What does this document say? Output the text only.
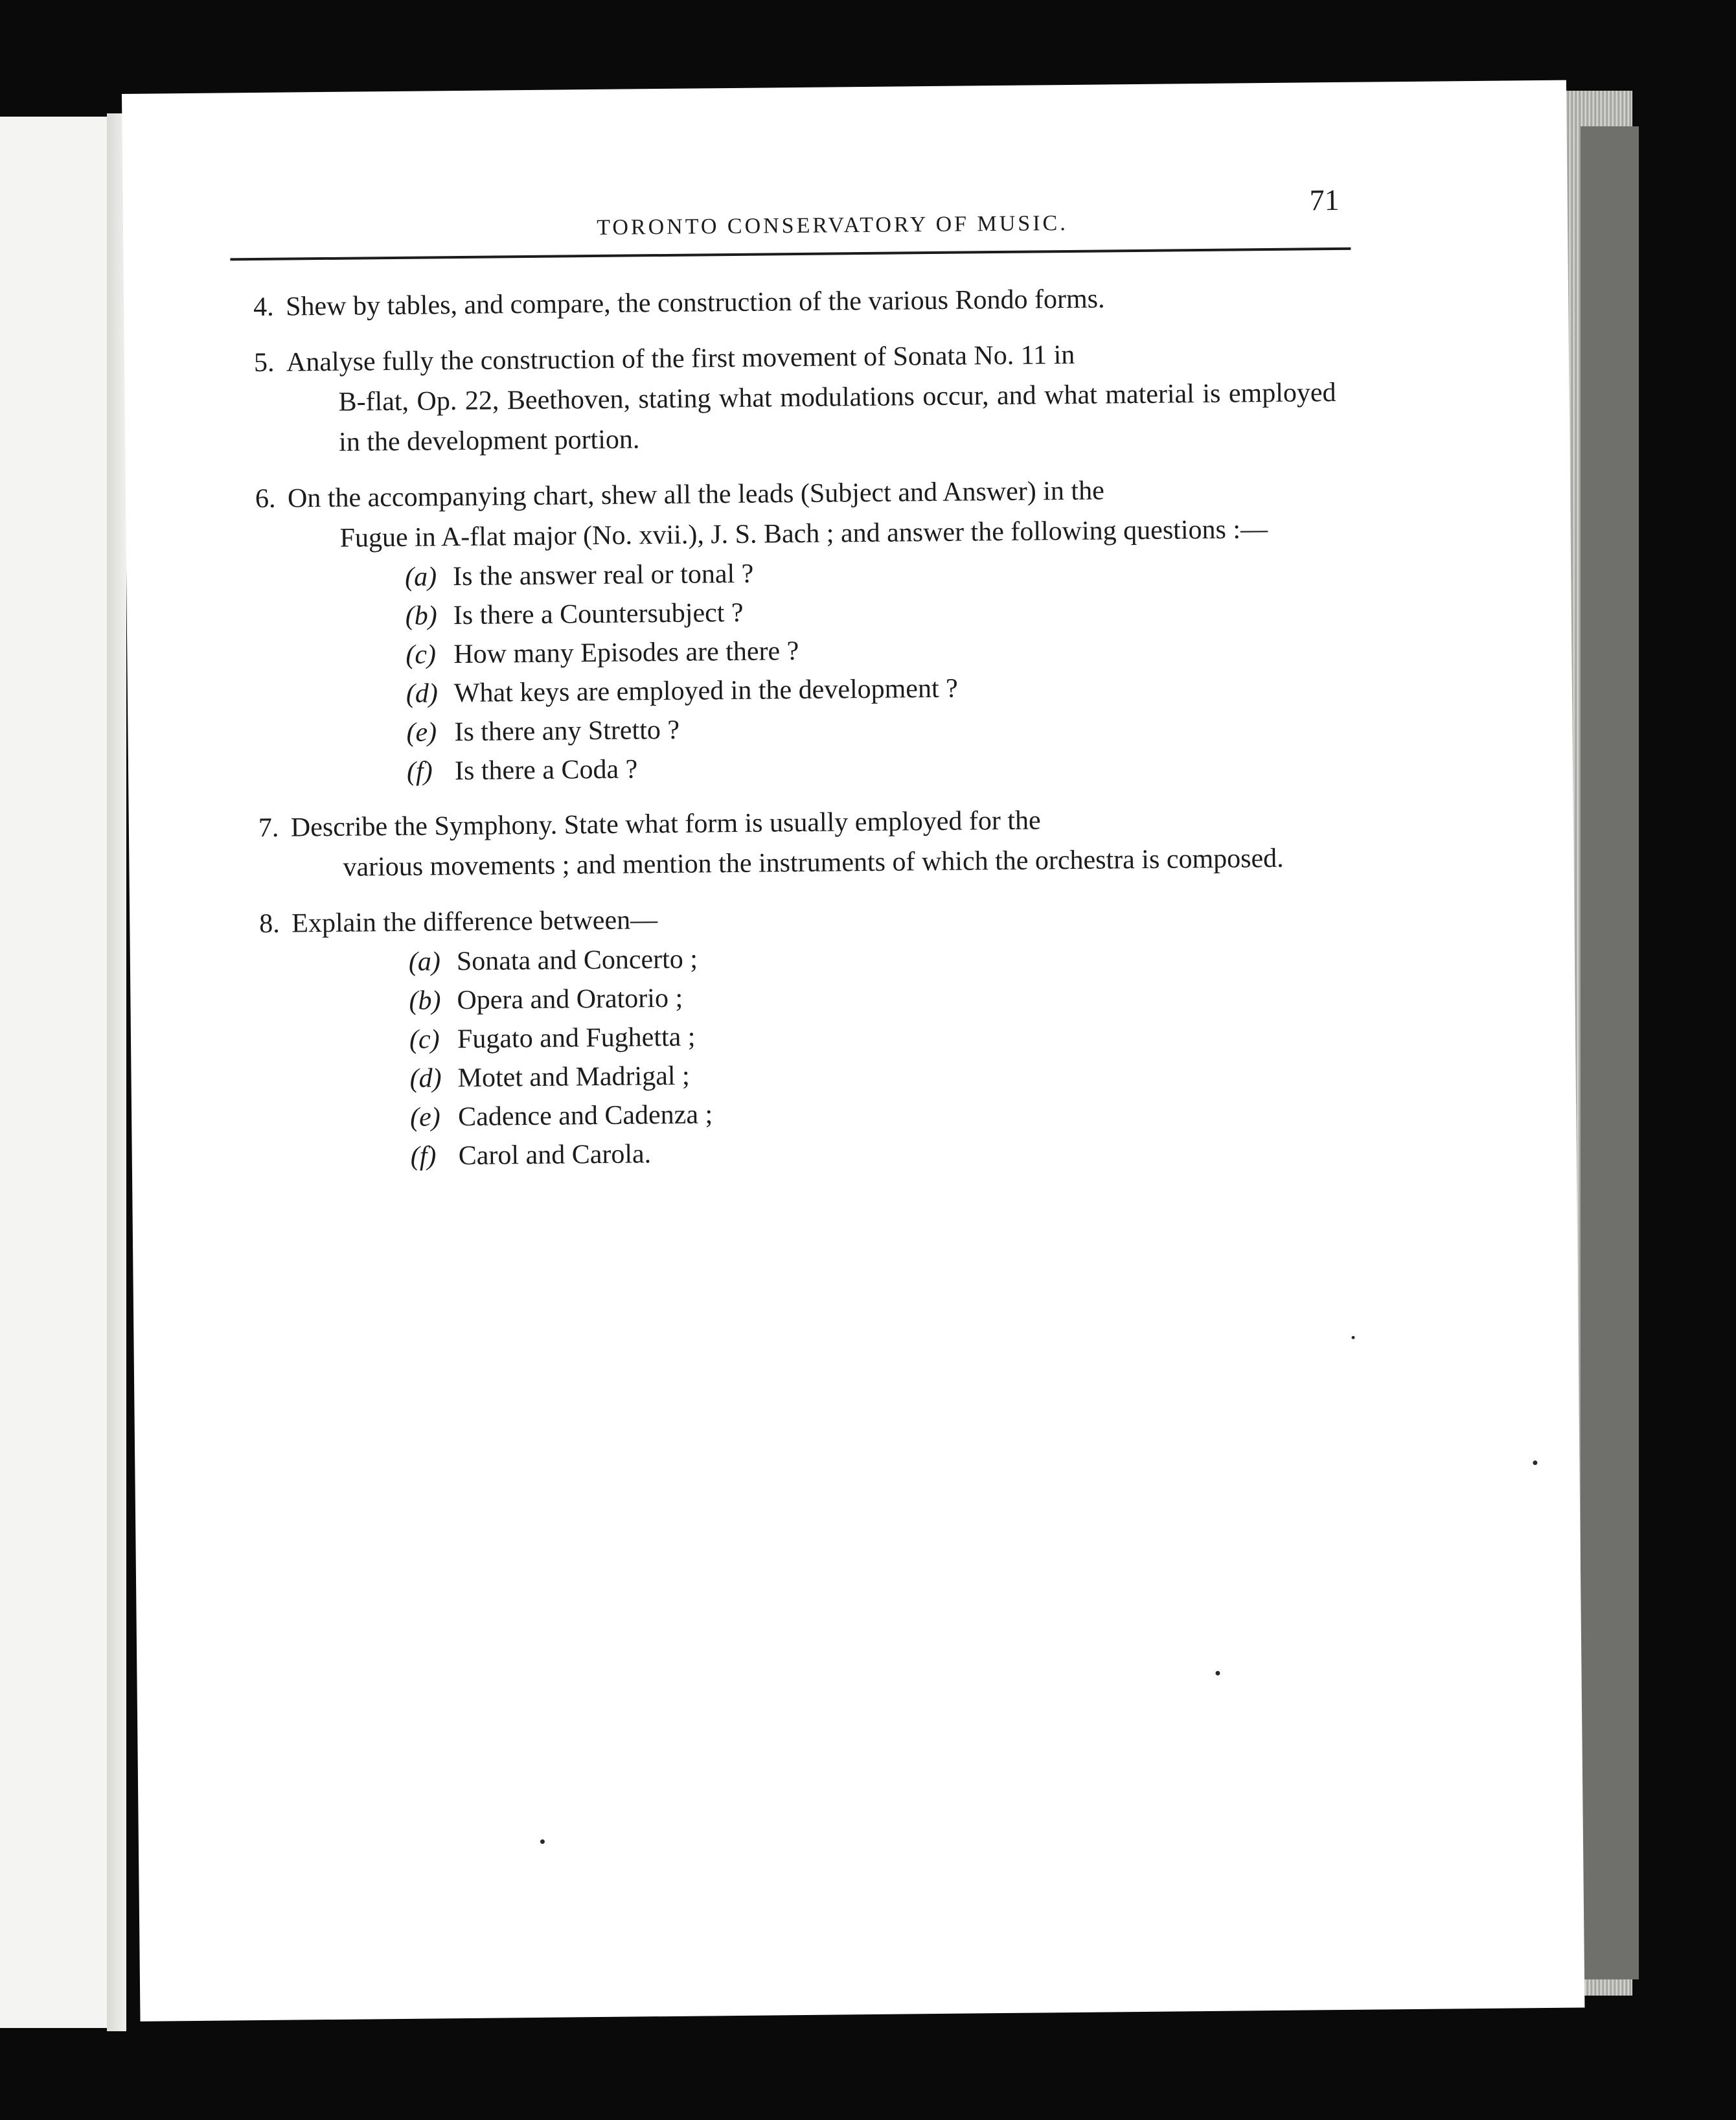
TORONTO CONSERVATORY OF MUSIC.
71
4. Shew by tables, and compare, the construction of the various Rondo forms.
5. Analyse fully the construction of the first movement of Sonata No. 11 in
B-flat, Op. 22, Beethoven, stating what modulations occur, and what material is employed in the development portion.
6. On the accompanying chart, shew all the leads (Subject and Answer) in the
Fugue in A-flat major (No. xvii.), J. S. Bach ; and answer the following questions :—
(a) Is the answer real or tonal ?
(b) Is there a Countersubject ?
(c) How many Episodes are there ?
(d) What keys are employed in the development ?
(e) Is there any Stretto ?
(f) Is there a Coda ?
7. Describe the Symphony. State what form is usually employed for the
various movements ; and mention the instruments of which the orchestra is composed.
8. Explain the difference between—
(a) Sonata and Concerto ;
(b) Opera and Oratorio ;
(c) Fugato and Fughetta ;
(d) Motet and Madrigal ;
(e) Cadence and Cadenza ;
(f) Carol and Carola.
